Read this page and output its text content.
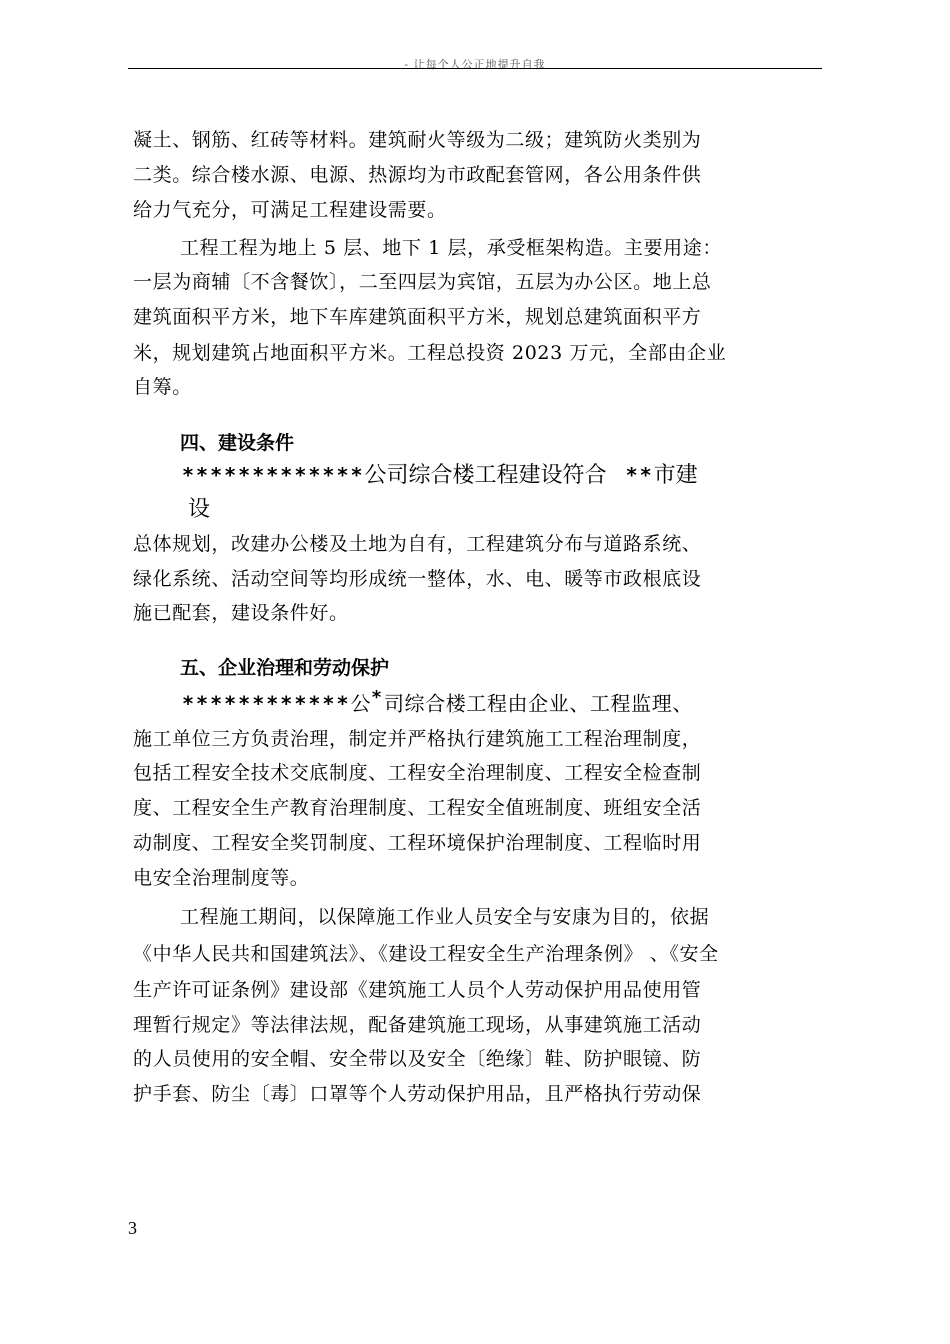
- 让每个人公正地提升自我
凝土、钢筋、红砖等材料。建筑耐火等级为二级；建筑防火类别为
二类。综合楼水源、电源、热源均为市政配套管网，各公用条件供
给力气充分，可满足工程建设需要。
工程工程为地上 5 层、地下 1 层，承受框架构造。主要用途：
一层为商辅〔不含餐饮〕，二至四层为宾馆，五层为办公区。地上总
建筑面积平方米，地下车库建筑面积平方米，规划总建筑面积平方
米，规划建筑占地面积平方米。工程总投资 2023 万元，全部由企业
自筹。
四、建设条件
*************公司综合楼工程建设符合 **市建
设
总体规划，改建办公楼及土地为自有，工程建筑分布与道路系统、
绿化系统、活动空间等均形成统一整体，水、电、暖等市政根底设
施已配套，建设条件好。
五、企业治理和劳动保护
************公*司综合楼工程由企业、工程监理、
施工单位三方负责治理，制定并严格执行建筑施工工程治理制度，
包括工程安全技术交底制度、工程安全治理制度、工程安全检查制
度、工程安全生产教育治理制度、工程安全值班制度、班组安全活
动制度、工程安全奖罚制度、工程环境保护治理制度、工程临时用
电安全治理制度等。
工程施工期间，以保障施工作业人员安全与安康为目的，依据
《中华人民共和国建筑法》、《建设工程安全生产治理条例》 、《安全
生产许可证条例》建设部《建筑施工人员个人劳动保护用品使用管
理暂行规定》等法律法规，配备建筑施工现场，从事建筑施工活动
的人员使用的安全帽、安全带以及安全〔绝缘〕鞋、防护眼镜、防
护手套、防尘〔毒〕口罩等个人劳动保护用品，且严格执行劳动保
3
